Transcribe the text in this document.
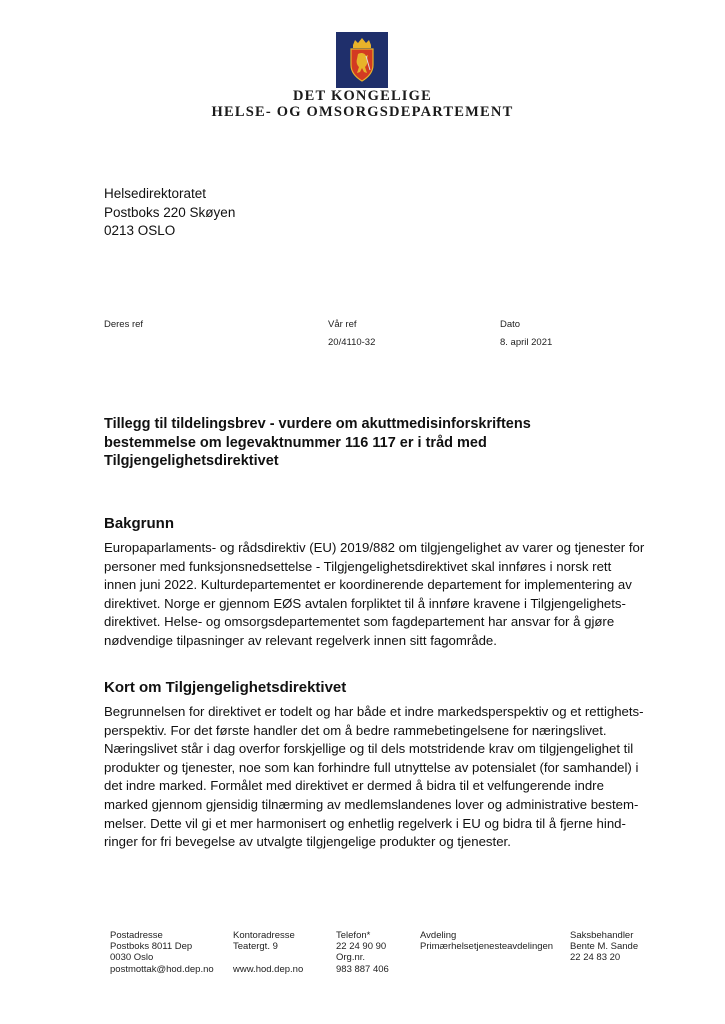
DET KONGELIGE
HELSE- OG OMSORGSDEPARTEMENT
Helsedirektoratet
Postboks 220 Skøyen
0213 OSLO
Deres ref	Vår ref
20/4110-32
Dato
8. april 2021
Tillegg til tildelingsbrev - vurdere om akuttmedisinforskriftens
bestemmelse om legevaktnummer 116 117 er i tråd med
Tilgjengelighetsdirektivet
Bakgrunn
Europaparlaments- og rådsdirektiv (EU) 2019/882 om tilgjengelighet av varer og tjenester for
personer med funksjonsnedsettelse - Tilgjengelighetsdirektivet skal innføres i norsk rett
innen juni 2022. Kulturdepartementet er koordinerende departement for implementering av
direktivet. Norge er gjennom EØS avtalen forpliktet til å innføre kravene i Tilgjengelighets-
direktivet. Helse- og omsorgsdepartementet som fagdepartement har ansvar for å gjøre
nødvendige tilpasninger av relevant regelverk innen sitt fagområde.
Kort om Tilgjengelighetsdirektivet
Begrunnelsen for direktivet er todelt og har både et indre markedsperspektiv og et rettighets-
perspektiv. For det første handler det om å bedre rammebetingelsene for næringslivet.
Næringslivet står i dag overfor forskjellige og til dels motstridende krav om tilgjengelighet til
produkter og tjenester, noe som kan forhindre full utnyttelse av potensialet (for samhandel) i
det indre marked. Formålet med direktivet er dermed å bidra til et velfungerende indre
marked gjennom gjensidig tilnærming av medlemslandenes lover og administrative bestem-
melser. Dette vil gi et mer harmonisert og enhetlig regelverk i EU og bidra til å fjerne hind-
ringer for fri bevegelse av utvalgte tilgjengelige produkter og tjenester.
Postadresse
Postboks 8011 Dep
0030 Oslo
postmottak@hod.dep.no
Kontoradresse
Teatergt. 9
www.hod.dep.no
Telefon*
22 24 90 90
Org.nr.
983 887 406
Avdeling
Primærhelsetjenesteavdelingen
Saksbehandler
Bente M. Sande
22 24 83 20
